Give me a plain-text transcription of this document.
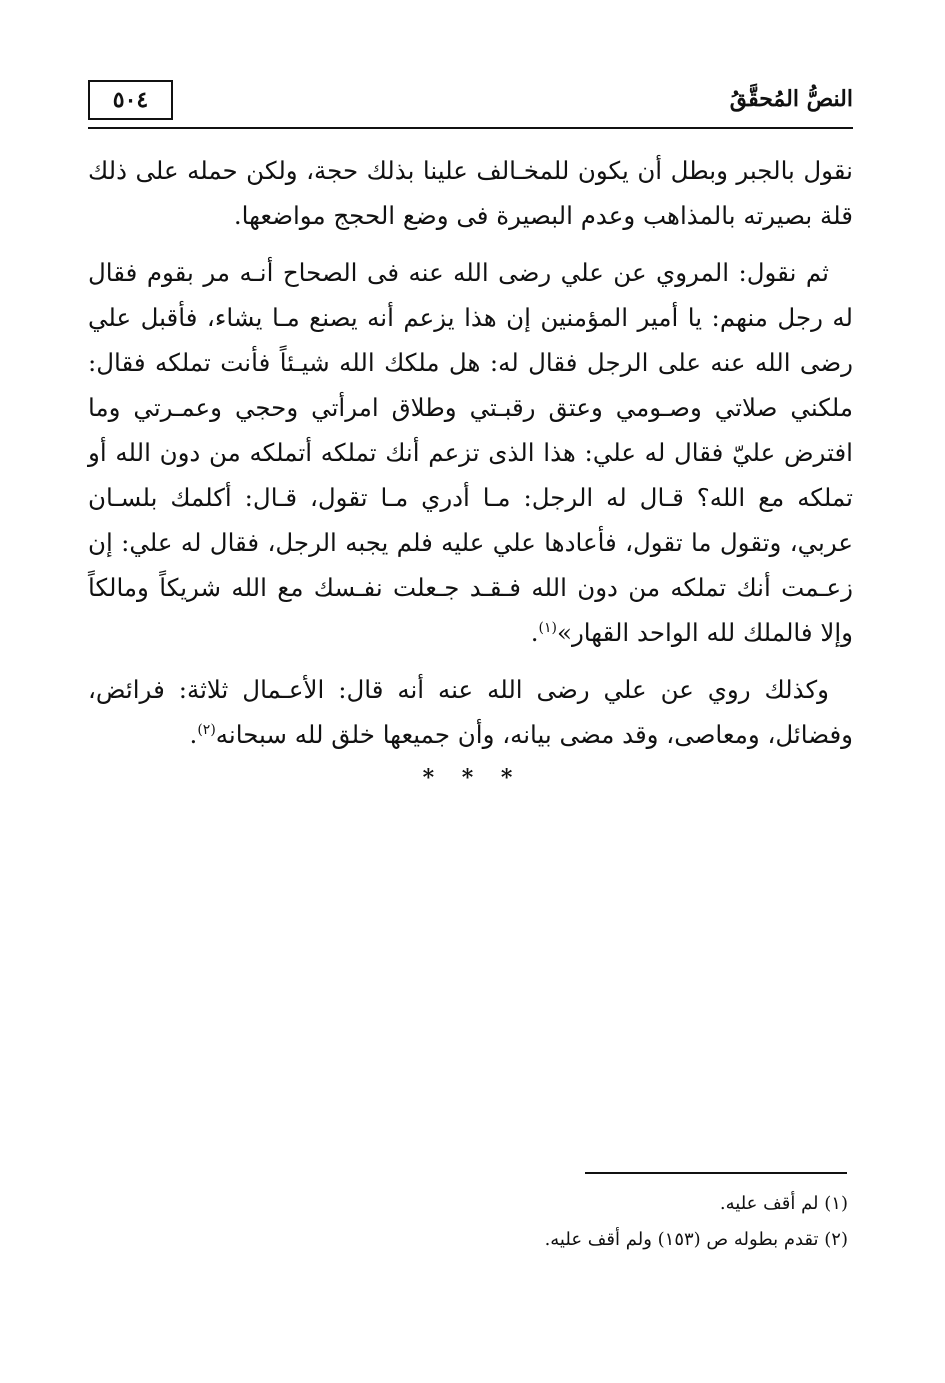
٥٠٤	النصُّ المُحقَّقُ

نقول بالجبر وبطل أن يكون للمخـالف علينا بذلك حجة، ولكن حمله على ذلك قلة بصيرته بالمذاهب وعدم البصيرة فى وضع الحجج مواضعها.

ثم نقول: المروي عن علي رضى الله عنه فى الصحاح أنـه مر بقوم فقال له رجل منهم: يا أمير المؤمنين إن هذا يزعم أنه يصنع مـا يشاء، فأقبل علي رضى الله عنه على الرجل فقال له: هل ملكك الله شيـئاً فأنت تملكه فقال: ملكني صلاتي وصـومي وعتق رقبـتي وطلاق امرأتي وحجي وعمـرتي وما افترض عليّ فقال له علي: هذا الذى تزعم أنك تملكه أتملكه من دون الله أو تملكه مع الله؟ قـال له الرجل: مـا أدري مـا تقول، قـال: أكلمك بلسـان عربي، وتقول ما تقول، فأعادها علي عليه فلم يجبه الرجل، فقال له علي: إن زعـمت أنك تملكه من دون الله فـقـد جـعلت نفـسك مع الله شريكاً ومالكاً وإلا فالملك لله الواحد القهار»$^{(١)}$.

وكذلك روي عن علي رضى الله عنه أنه قال: الأعـمال ثلاثة: فرائض، وفضائل، ومعاصى، وقد مضى بيانه، وأن جميعها خلق لله سبحانه$^{(٢)}$.

* * *
(١) لم أقف عليه.
(٢) تقدم بطوله ص (١٥٣) ولم أقف عليه.
